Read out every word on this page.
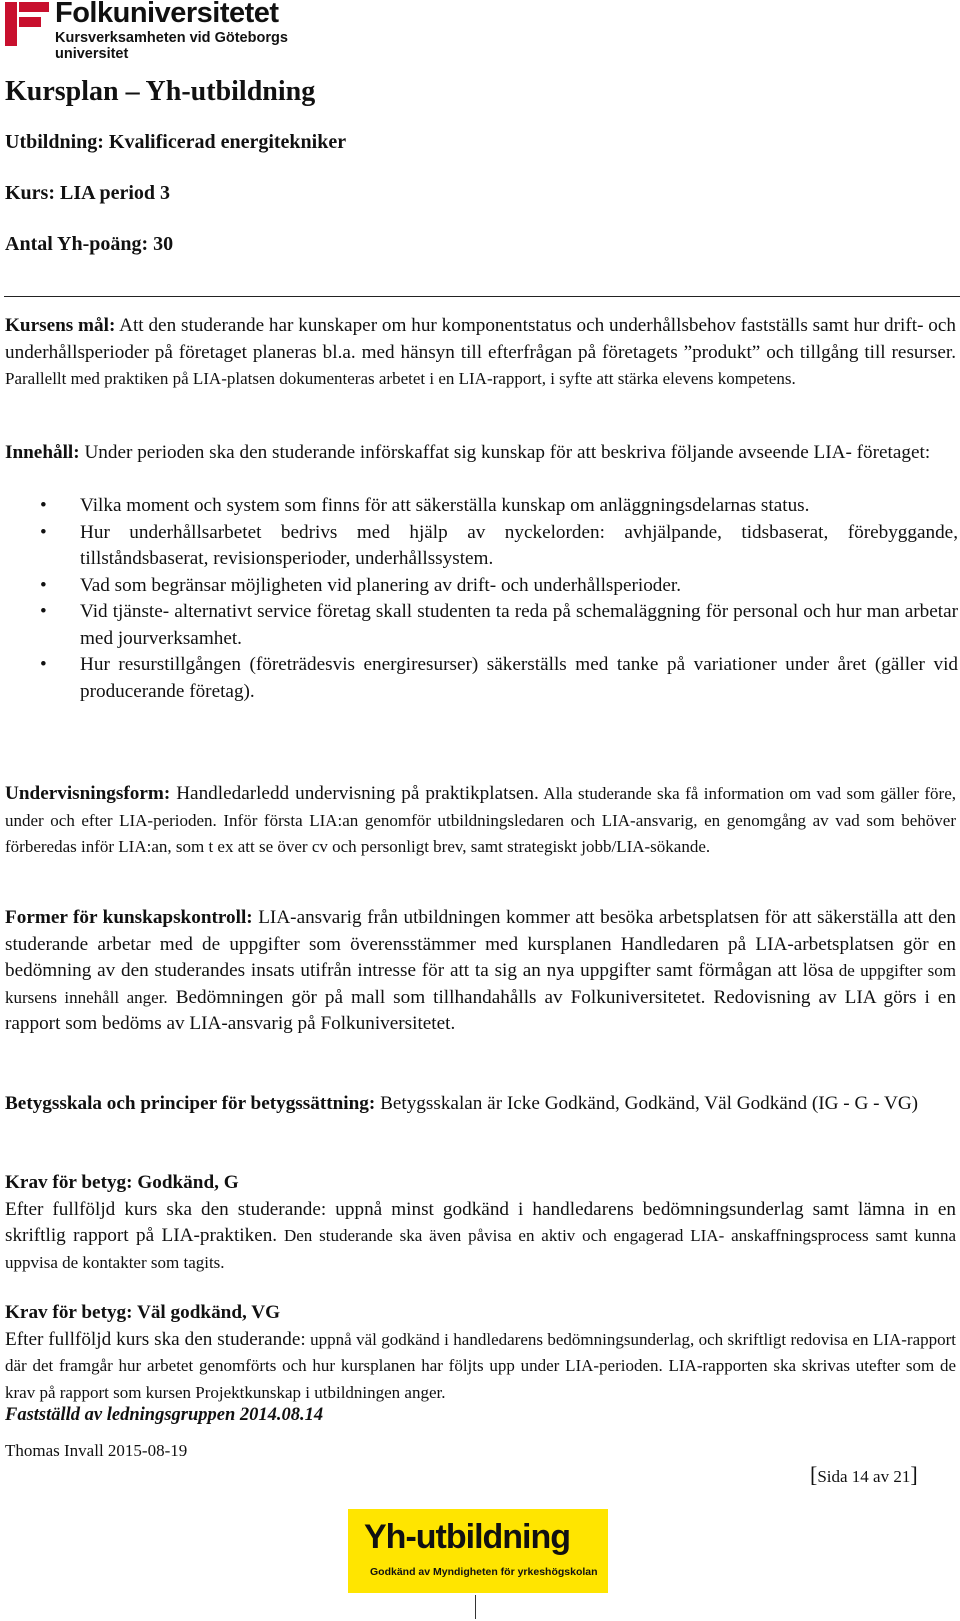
Folkuniversitetet
Kursverksamheten vid Göteborgs universitet
Kursplan – Yh-utbildning
Utbildning: Kvalificerad energitekniker
Kurs: LIA period 3
Antal Yh-poäng: 30

Kursens mål: Att den studerande har kunskaper om hur komponentstatus och underhållsbehov fastställs samt hur drift- och underhållsperioder på företaget planeras bl.a. med hänsyn till efterfrågan på företagets ”produkt” och tillgång till resurser. Parallellt med praktiken på LIA-platsen dokumenteras arbetet i en LIA-rapport, i syfte att stärka elevens kompetens.

Innehåll: Under perioden ska den studerande införskaffat sig kunskap för att beskriva följande avseende LIA- företaget:

• Vilka moment och system som finns för att säkerställa kunskap om anläggningsdelarnas status.
• Hur underhållsarbetet bedrivs med hjälp av nyckelorden: avhjälpande, tidsbaserat, förebyggande, tillståndsbaserat, revisionsperioder, underhållssystem.
• Vad som begränsar möjligheten vid planering av drift- och underhållsperioder.
• Vid tjänste- alternativt service företag skall studenten ta reda på schemaläggning för personal och hur man arbetar med jourverksamhet.
• Hur resurstillgången (företrädesvis energiresurser) säkerställs med tanke på variationer under året (gäller vid producerande företag).

Undervisningsform: Handledarledd undervisning på praktikplatsen. Alla studerande ska få information om vad som gäller före, under och efter LIA-perioden. Inför första LIA:an genomför utbildningsledaren och LIA-ansvarig, en genomgång av vad som behöver förberedas inför LIA:an, som t ex att se över cv och personligt brev, samt strategiskt jobb/LIA-sökande.

Former för kunskapskontroll: LIA-ansvarig från utbildningen kommer att besöka arbetsplatsen för att säkerställa att den studerande arbetar med de uppgifter som överensstämmer med kursplanen Handledaren på LIA-arbetsplatsen gör en bedömning av den studerandes insats utifrån intresse för att ta sig an nya uppgifter samt förmågan att lösa de uppgifter som kursens innehåll anger. Bedömningen gör på mall som tillhandahålls av Folkuniversitetet. Redovisning av LIA görs i en rapport som bedöms av LIA-ansvarig på Folkuniversitetet.

Betygsskala och principer för betygssättning: Betygsskalan är Icke Godkänd, Godkänd, Väl Godkänd (IG - G - VG)

Krav för betyg: Godkänd, G
Efter fullföljd kurs ska den studerande: uppnå minst godkänd i handledarens bedömningsunderlag samt lämna in en skriftlig rapport på LIA-praktiken. Den studerande ska även påvisa en aktiv och engagerad LIA- anskaffningsprocess samt kunna uppvisa de kontakter som tagits.

Krav för betyg: Väl godkänd, VG
Efter fullföljd kurs ska den studerande: uppnå väl godkänd i handledarens bedömningsunderlag, och skriftligt redovisa en LIA-rapport där det framgår hur arbetet genomförts och hur kursplanen har följts upp under LIA-perioden. LIA-rapporten ska skrivas utefter som de krav på rapport som kursen Projektkunskap i utbildningen anger.

Fastställd av ledningsgruppen 2014.08.14
Thomas Invall 2015-08-19
[Sida 14 av 21]
Yh-utbildning
Godkänd av Myndigheten för yrkeshögskolan
